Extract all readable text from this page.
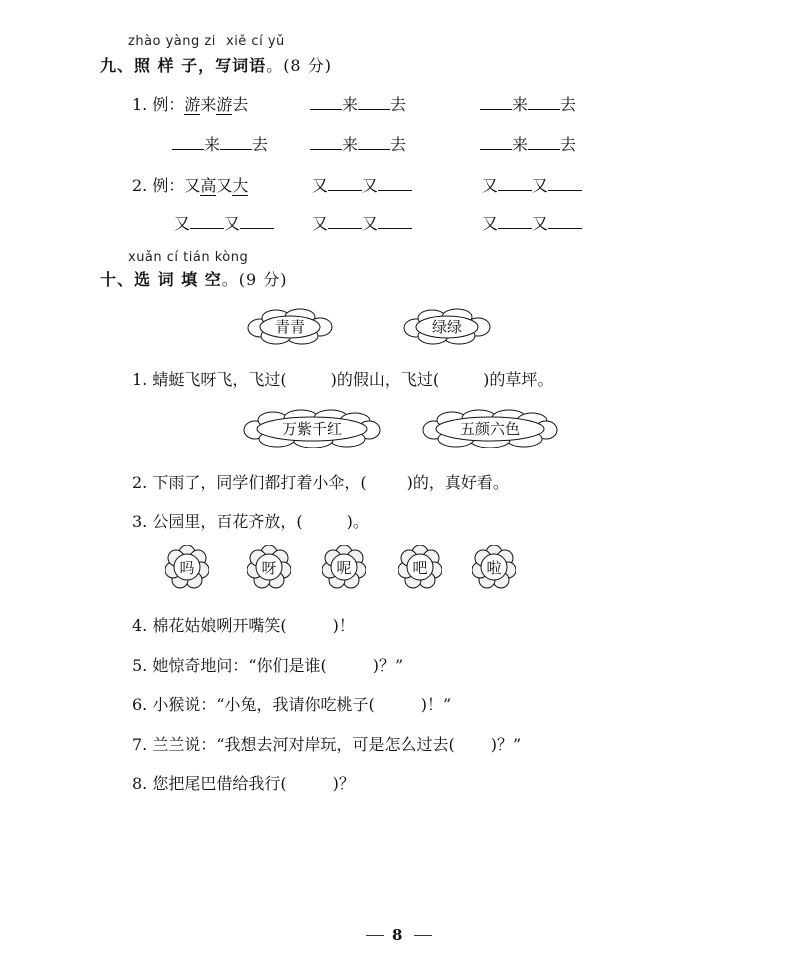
zhào yàng zi xiě cí yǔ
九、照 样 子，写词语。(8 分)
1. 例：游来游去	来 去	来 去
来 去	来 去	来 去
2. 例：又高又大	又 又	又 又
又 又	又 又	又 又
xuǎn cí tián kòng
十、选 词 填 空。(9 分)
青青	绿绿
1. 蜻蜓飞呀飞，飞过(	)的假山，飞过(	)的草坪。
万紫千红	五颜六色
2. 下雨了，同学们都打着小伞，(	)的，真好看。
3. 公园里，百花齐放，(	)。
吗	呀	呢	吧	啦
4. 棉花姑娘咧开嘴笑(	)！
5. 她惊奇地问：“你们是谁(	)？”
6. 小猴说：“小兔，我请你吃桃子(	)！”
7. 兰兰说：“我想去河对岸玩，可是怎么过去( )？”
8. 您把尾巴借给我行(	)？
8
